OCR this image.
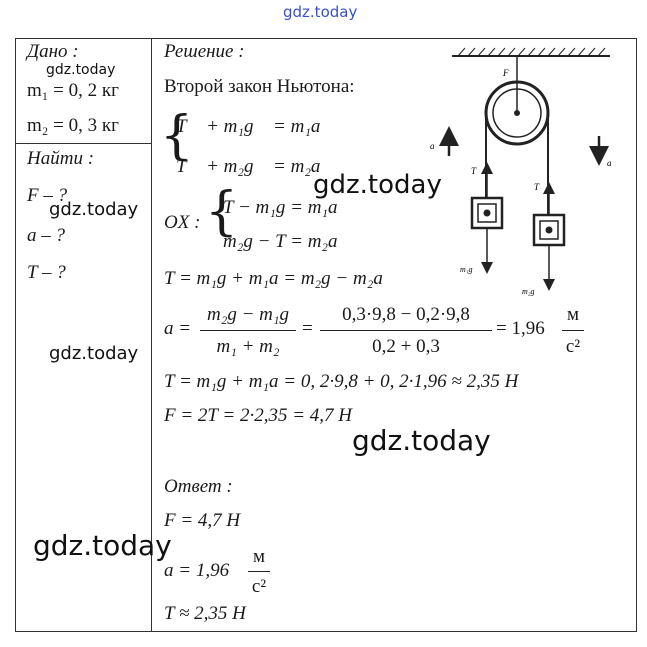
gdz.today
Дано :
gdz.today
m₁ = 0, 2 кг
m₂ = 0, 3 кг
Найти :
F – ?
gdz.today
a – ?
T – ?
gdz.today
Решение :
Второй закон Ньютона:
{
T⃗ + m₁g⃗ = m₁a⃗
T⃗ + m₂g⃗ = m₂a⃗
gdz.today
OX : {
T − m₁g = m₁a
m₂g − T = m₂a
T = m₁g + m₁a = m₂g − m₂a
a =
m₂g − m₁g
m₁ + m₂
=
0,3·9,8 − 0,2·9,8
0,2 + 0,3
= 1,96
м
с²
T = m₁g + m₁a = 0, 2·9,8 + 0, 2·1,96 ≈ 2,35 Н
F = 2T = 2·2,35 = 4,7 Н
gdz.today
Ответ :
F = 4,7 Н
gdz.today
a = 1,96
м
с²
T ≈ 2,35 Н
F
T
T
m₁g
m₂g
a
a
